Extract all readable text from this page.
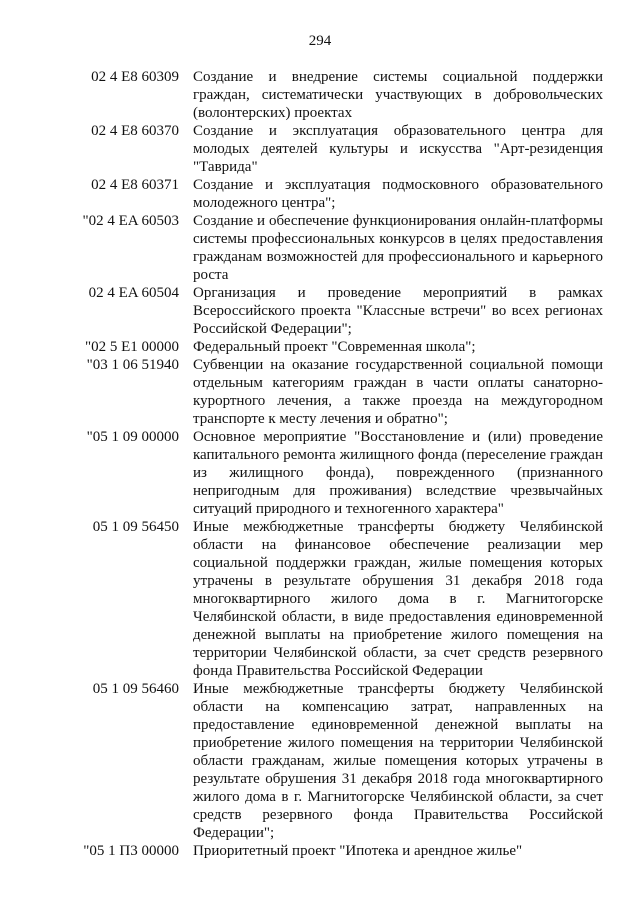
294
02 4 E8 60309 Создание и внедрение системы социальной поддержки граждан, систематически участвующих в добровольческих (волонтерских) проектах
02 4 E8 60370 Создание и эксплуатация образовательного центра для молодых деятелей культуры и искусства "Арт-резиденция "Таврида"
02 4 E8 60371 Создание и эксплуатация подмосковного образовательного молодежного центра";
"02 4 EA 60503 Создание и обеспечение функционирования онлайн-платформы системы профессиональных конкурсов в целях предоставления гражданам возможностей для профессионального и карьерного роста
02 4 EA 60504 Организация и проведение мероприятий в рамках Всероссийского проекта "Классные встречи" во всех регионах Российской Федерации";
"02 5 E1 00000 Федеральный проект "Современная школа";
"03 1 06 51940 Субвенции на оказание государственной социальной помощи отдельным категориям граждан в части оплаты санаторно-курортного лечения, а также проезда на междугородном транспорте к месту лечения и обратно";
"05 1 09 00000 Основное мероприятие "Восстановление и (или) проведение капитального ремонта жилищного фонда (переселение граждан из жилищного фонда), поврежденного (признанного непригодным для проживания) вследствие чрезвычайных ситуаций природного и техногенного характера"
05 1 09 56450 Иные межбюджетные трансферты бюджету Челябинской области на финансовое обеспечение реализации мер социальной поддержки граждан, жилые помещения которых утрачены в результате обрушения 31 декабря 2018 года многоквартирного жилого дома в г. Магнитогорске Челябинской области, в виде предоставления единовременной денежной выплаты на приобретение жилого помещения на территории Челябинской области, за счет средств резервного фонда Правительства Российской Федерации
05 1 09 56460 Иные межбюджетные трансферты бюджету Челябинской области на компенсацию затрат, направленных на предоставление единовременной денежной выплаты на приобретение жилого помещения на территории Челябинской области гражданам, жилые помещения которых утрачены в результате обрушения 31 декабря 2018 года многоквартирного жилого дома в г. Магнитогорске Челябинской области, за счет средств резервного фонда Правительства Российской Федерации";
"05 1 П3 00000 Приоритетный проект "Ипотека и арендное жилье"
